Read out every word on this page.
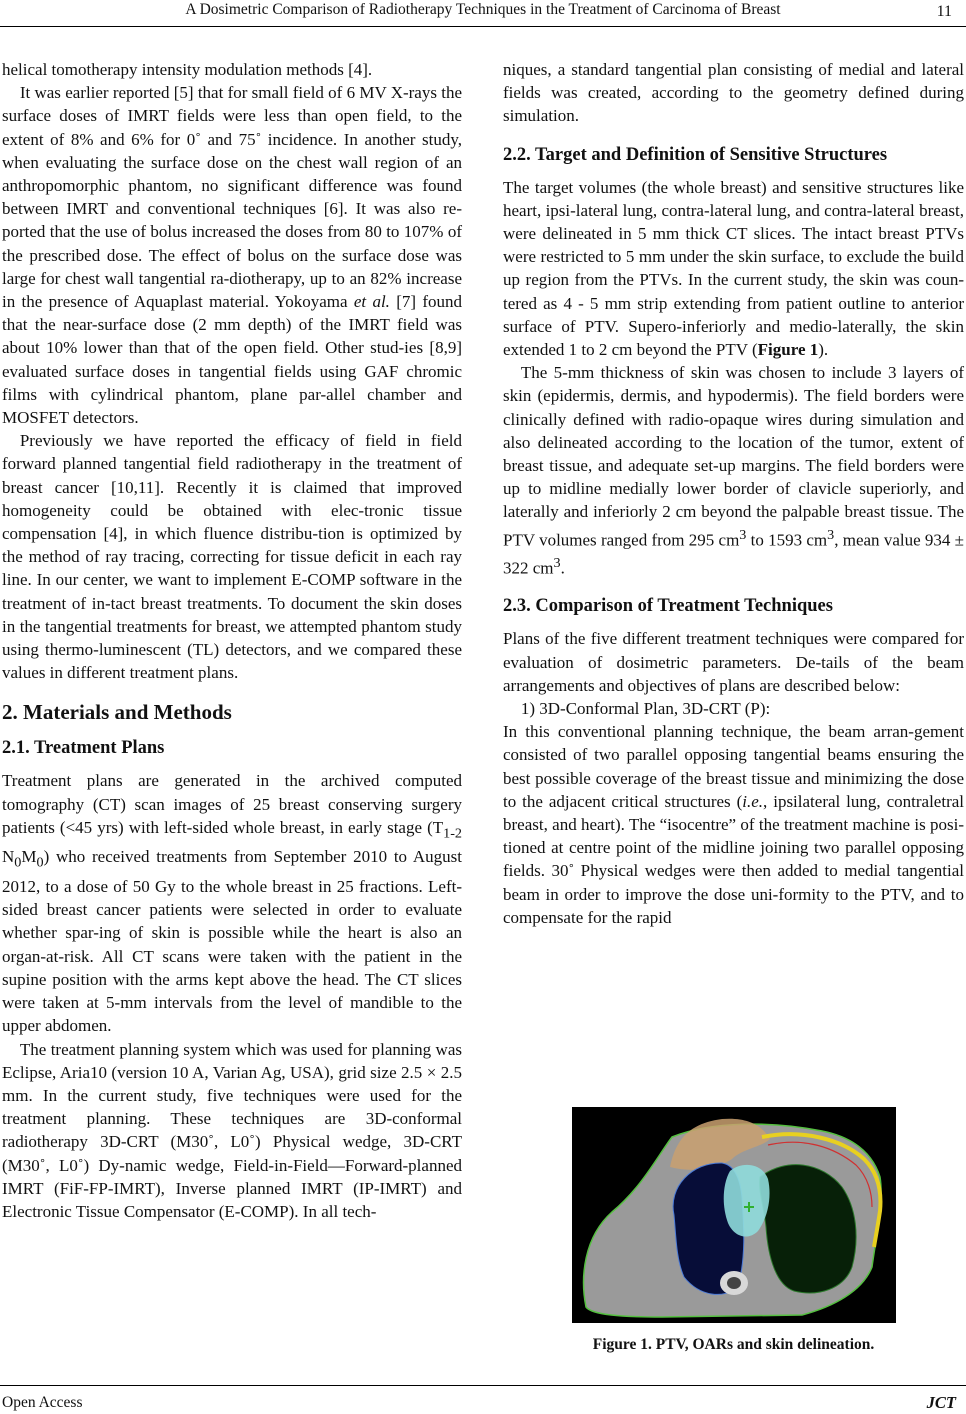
A Dosimetric Comparison of Radiotherapy Techniques in the Treatment of Carcinoma of Breast	11

helical tomotherapy intensity modulation methods [4].

It was earlier reported [5] that for small field of 6 MV X-rays the surface doses of IMRT fields were less than open field, to the extent of 8% and 6% for 0˚ and 75˚ incidence. In another study, when evaluating the surface dose on the chest wall region of an anthropomorphic phantom, no significant difference was found between IMRT and conventional techniques [6]. It was also re-ported that the use of bolus increased the doses from 80 to 107% of the prescribed dose. The effect of bolus on the surface dose was large for chest wall tangential ra-diotherapy, up to an 82% increase in the presence of Aquaplast material. Yokoyama et al. [7] found that the near-surface dose (2 mm depth) of the IMRT field was about 10% lower than that of the open field. Other stud-ies [8,9] evaluated surface doses in tangential fields using GAF chromic films with cylindrical phantom, plane par-allel chamber and MOSFET detectors.

Previously we have reported the efficacy of field in field forward planned tangential field radiotherapy in the treatment of breast cancer [10,11]. Recently it is claimed that improved homogeneity could be obtained with elec-tronic tissue compensation [4], in which fluence distribu-tion is optimized by the method of ray tracing, correcting for tissue deficit in each ray line. In our center, we want to implement E-COMP software in the treatment of in-tact breast treatments. To document the skin doses in the tangential treatments for breast, we attempted phantom study using thermo-luminescent (TL) detectors, and we compared these values in different treatment plans.

2. Materials and Methods
2.1. Treatment Plans

Treatment plans are generated in the archived computed tomography (CT) scan images of 25 breast conserving surgery patients (<45 yrs) with left-sided whole breast, in early stage ($T_{1-2}$ $N_0M_0$) who received treatments from September 2010 to August 2012, to a dose of 50 Gy to the whole breast in 25 fractions. Left-sided breast cancer patients were selected in order to evaluate whether spar-ing of skin is possible while the heart is also an organ-at-risk. All CT scans were taken with the patient in the supine position with the arms kept above the head. The CT slices were taken at 5-mm intervals from the level of mandible to the upper abdomen.

The treatment planning system which was used for planning was Eclipse, Aria10 (version 10 A, Varian Ag, USA), grid size 2.5 × 2.5 mm. In the current study, five techniques were used for the treatment planning. These techniques are 3D-conformal radiotherapy 3D-CRT (M30˚, L0˚) Physical wedge, 3D-CRT (M30˚, L0˚) Dy-namic wedge, Field-in-Field—Forward-planned IMRT (FiF-FP-IMRT), Inverse planned IMRT (IP-IMRT) and Electronic Tissue Compensator (E-COMP). In all tech-

niques, a standard tangential plan consisting of medial and lateral fields was created, according to the geometry defined during simulation.

2.2. Target and Definition of Sensitive Structures

The target volumes (the whole breast) and sensitive structures like heart, ipsi-lateral lung, contra-lateral lung, and contra-lateral breast, were delineated in 5 mm thick CT slices. The intact breast PTVs were restricted to 5 mm under the skin surface, to exclude the build up region from the PTVs. In the current study, the skin was coun-tered as 4 - 5 mm strip extending from patient outline to anterior surface of PTV. Supero-inferiorly and medio-laterally, the skin extended 1 to 2 cm beyond the PTV (Figure 1).

The 5-mm thickness of skin was chosen to include 3 layers of skin (epidermis, dermis, and hypodermis). The field borders were clinically defined with radio-opaque wires during simulation and also delineated according to the location of the tumor, extent of breast tissue, and adequate set-up margins. The field borders were up to midline medially lower border of clavicle superiorly, and laterally and inferiorly 2 cm beyond the palpable breast tissue. The PTV volumes ranged from 295 $cm^3$ to 1593 $cm^3$, mean value 934 ± 322 $cm^3$.

2.3. Comparison of Treatment Techniques

Plans of the five different treatment techniques were compared for evaluation of dosimetric parameters. De-tails of the beam arrangements and objectives of plans are described below:

1) 3D-Conformal Plan, 3D-CRT (P):

In this conventional planning technique, the beam arran-gement consisted of two parallel opposing tangential beams ensuring the best possible coverage of the breast tissue and minimizing the dose to the adjacent critical structures (i.e., ipsilateral lung, contraletral breast, and heart). The “isocentre” of the treatment machine is posi-tioned at centre point of the midline joining two parallel opposing fields. 30˚ Physical wedges were then added to medial tangential beam in order to improve the dose uni-formity to the PTV, and to compensate for the rapid

Figure 1. PTV, OARs and skin delineation.
Open Access	JCT
